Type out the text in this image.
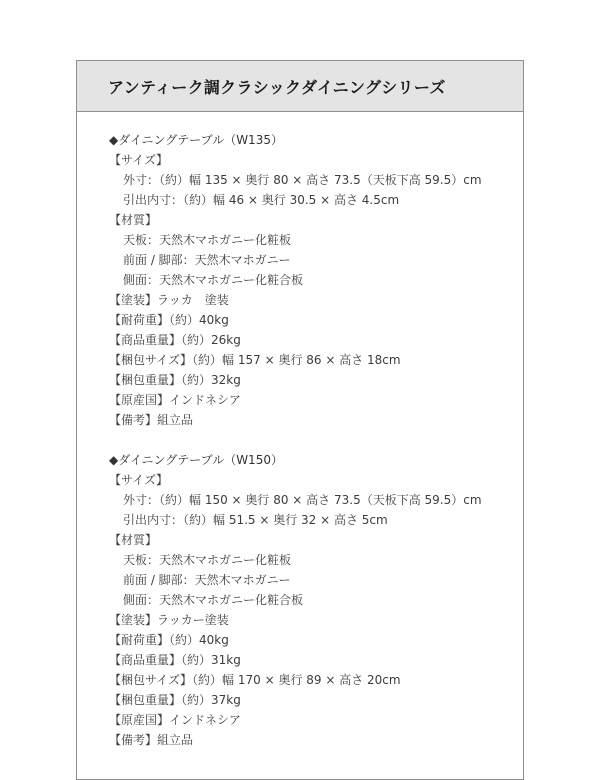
アンティーク調クラシックダイニングシリーズ
◆ダイニングテーブル（W135）
【サイズ】
外寸：（約）幅 135 × 奥行 80 × 高さ 73.5（天板下高 59.5）cm
引出内寸：（約）幅 46 × 奥行 30.5 × 高さ 4.5cm
【材質】
天板：天然木マホガニー化粧板
前面 / 脚部：天然木マホガニー
側面：天然木マホガニー化粧合板
【塗装】ラッカ　塗装
【耐荷重】（約）40kg
【商品重量】（約）26kg
【梱包サイズ】（約）幅 157 × 奥行 86 × 高さ 18cm
【梱包重量】（約）32kg
【原産国】インドネシア
【備考】組立品
◆ダイニングテーブル（W150）
【サイズ】
外寸：（約）幅 150 × 奥行 80 × 高さ 73.5（天板下高 59.5）cm
引出内寸：（約）幅 51.5 × 奥行 32 × 高さ 5cm
【材質】
天板：天然木マホガニー化粧板
前面 / 脚部：天然木マホガニー
側面：天然木マホガニー化粧合板
【塗装】ラッカー塗装
【耐荷重】（約）40kg
【商品重量】（約）31kg
【梱包サイズ】（約）幅 170 × 奥行 89 × 高さ 20cm
【梱包重量】（約）37kg
【原産国】インドネシア
【備考】組立品
